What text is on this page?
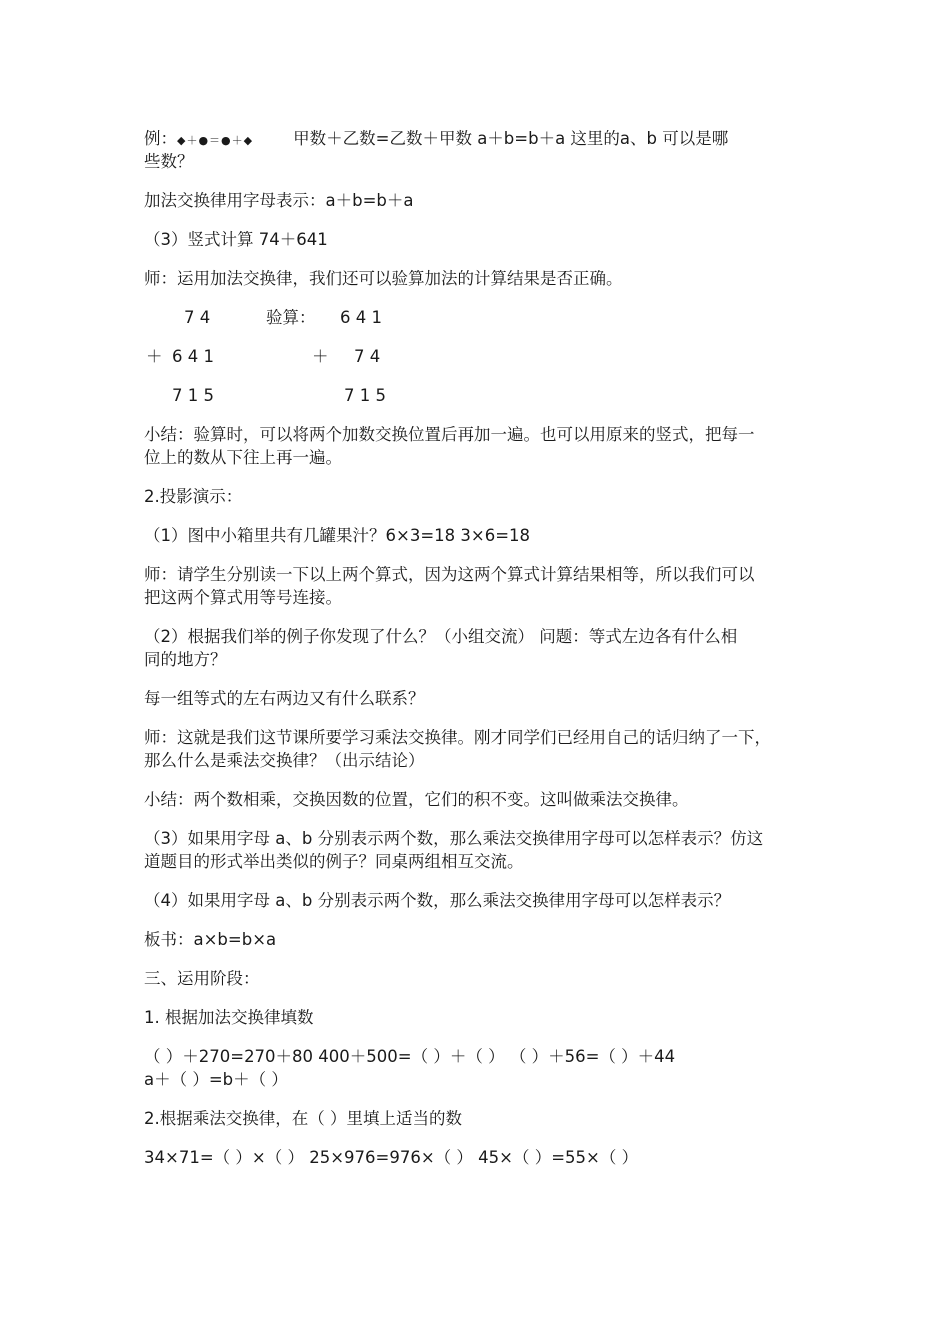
例：◆＋●＝●＋◆ 甲数＋乙数=乙数＋甲数 a＋b=b＋a 这里的a、b 可以是哪
些数？
加法交换律用字母表示：a＋b=b＋a
（3）竖式计算 74＋641
师：运用加法交换律，我们还可以验算加法的计算结果是否正确。
7 4	验算： 6 4 1
＋ 6 4 1	＋ 7 4
7 1 5	7 1 5
小结：验算时，可以将两个加数交换位置后再加一遍。也可以用原来的竖式，把每一
位上的数从下往上再一遍。
2.投影演示：
（1）图中小箱里共有几罐果汁？6×3=18 3×6=18
师：请学生分别读一下以上两个算式，因为这两个算式计算结果相等，所以我们可以
把这两个算式用等号连接。
（2）根据我们举的例子你发现了什么？（小组交流） 问题：等式左边各有什么相
同的地方？
每一组等式的左右两边又有什么联系？
师：这就是我们这节课所要学习乘法交换律。刚才同学们已经用自己的话归纳了一下，
那么什么是乘法交换律？（出示结论）
小结：两个数相乘，交换因数的位置，它们的积不变。这叫做乘法交换律。
（3）如果用字母 a、b 分别表示两个数，那么乘法交换律用字母可以怎样表示？仿这
道题目的形式举出类似的例子？同桌两组相互交流。
（4）如果用字母 a、b 分别表示两个数，那么乘法交换律用字母可以怎样表示？
板书：a×b=b×a
三、运用阶段：
1. 根据加法交换律填数
（ ）＋270=270＋80 400＋500=（ ）＋（ ） （ ）＋56=（ ）＋44
a＋（ ）=b＋（ ）
2.根据乘法交换律，在（ ）里填上适当的数
34×71=（ ）×（ ） 25×976=976×（ ） 45×（ ）=55×（ ）
